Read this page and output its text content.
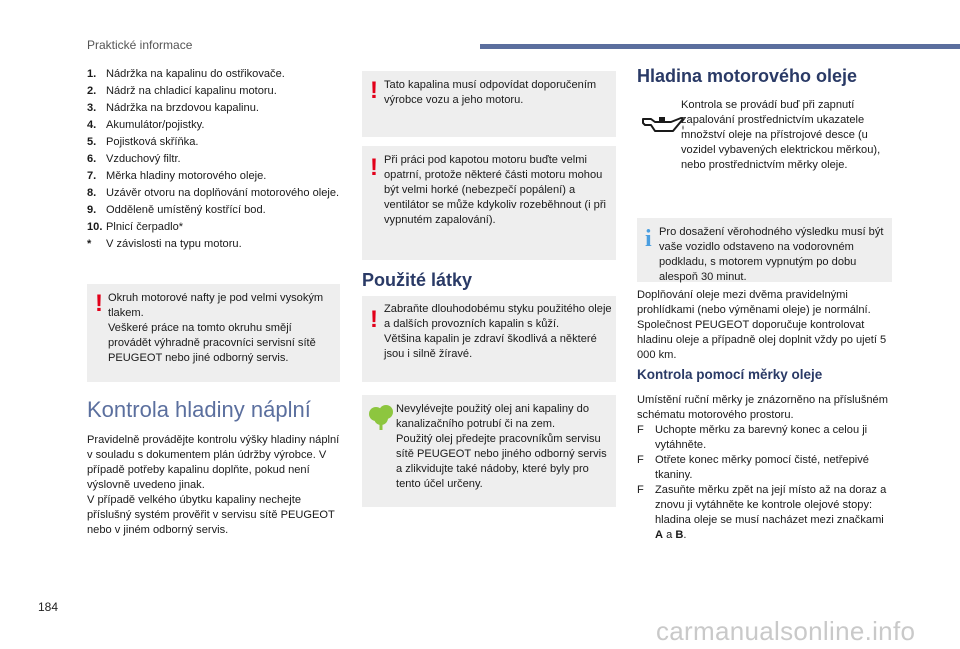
Praktické informace
1. Nádržka na kapalinu do ostřikovače.
2. Nádrž na chladicí kapalinu motoru.
3. Nádržka na brzdovou kapalinu.
4. Akumulátor/pojistky.
5. Pojistková skříňka.
6. Vzduchový filtr.
7. Měrka hladiny motorového oleje.
8. Uzávěr otvoru na doplňování motorového oleje.
9. Odděleně umístěný kostřící bod.
10. Plnicí čerpadlo*
*	V závislosti na typu motoru.
! Okruh motorové nafty je pod velmi vysokým tlakem.
Veškeré práce na tomto okruhu smějí provádět výhradně pracovníci servisní sítě PEUGEOT nebo jiné odborný servis.
Kontrola hladiny náplní
Pravidelně provádějte kontrolu výšky hladiny náplní v souladu s dokumentem plán údržby výrobce. V případě potřeby kapalinu doplňte, pokud není výslovně uvedeno jinak.
V případě velkého úbytku kapaliny nechejte příslušný systém prověřit v servisu sítě PEUGEOT nebo v jiném odborný servis.
! Tato kapalina musí odpovídat doporučením výrobce vozu a jeho motoru.
! Při práci pod kapotou motoru buďte velmi opatrní, protože některé části motoru mohou být velmi horké (nebezpečí popálení) a ventilátor se může kdykoliv rozeběhnout (i při vypnutém zapalování).
Použité látky
! Zabraňte dlouhodobému styku použitého oleje a dalších provozních kapalin s kůží.
Většina kapalin je zdraví škodlivá a některé jsou i silně žíravé.
Nevylévejte použitý olej ani kapaliny do kanalizačního potrubí či na zem.
Použitý olej předejte pracovníkům servisu sítě PEUGEOT nebo jiného odborný servis a zlikvidujte také nádoby, které byly pro tento účel určeny.
Hladina motorového oleje
Kontrola se provádí buď při zapnutí zapalování prostřednictvím ukazatele množství oleje na přístrojové desce (u vozidel vybavených elektrickou měrkou), nebo prostřednictvím měrky oleje.
i Pro dosažení věrohodného výsledku musí být vaše vozidlo odstaveno na vodorovném podkladu, s motorem vypnutým po dobu alespoň 30 minut.
Doplňování oleje mezi dvěma pravidelnými prohlídkami (nebo výměnami oleje) je normální. Společnost PEUGEOT doporučuje kontrolovat hladinu oleje a případně olej doplnit vždy po ujetí 5 000 km.
Kontrola pomocí měrky oleje
Umístění ruční měrky je znázorněno na příslušném schématu motorového prostoru.
F	Uchopte měrku za barevný konec a celou ji vytáhněte.
F	Otřete konec měrky pomocí čisté, netřepivé tkaniny.
F	Zasuňte měrku zpět na její místo až na doraz a znovu ji vytáhněte ke kontrole olejové stopy: hladina oleje se musí nacházet mezi značkami A a B.
184
carmanualsonline.info
